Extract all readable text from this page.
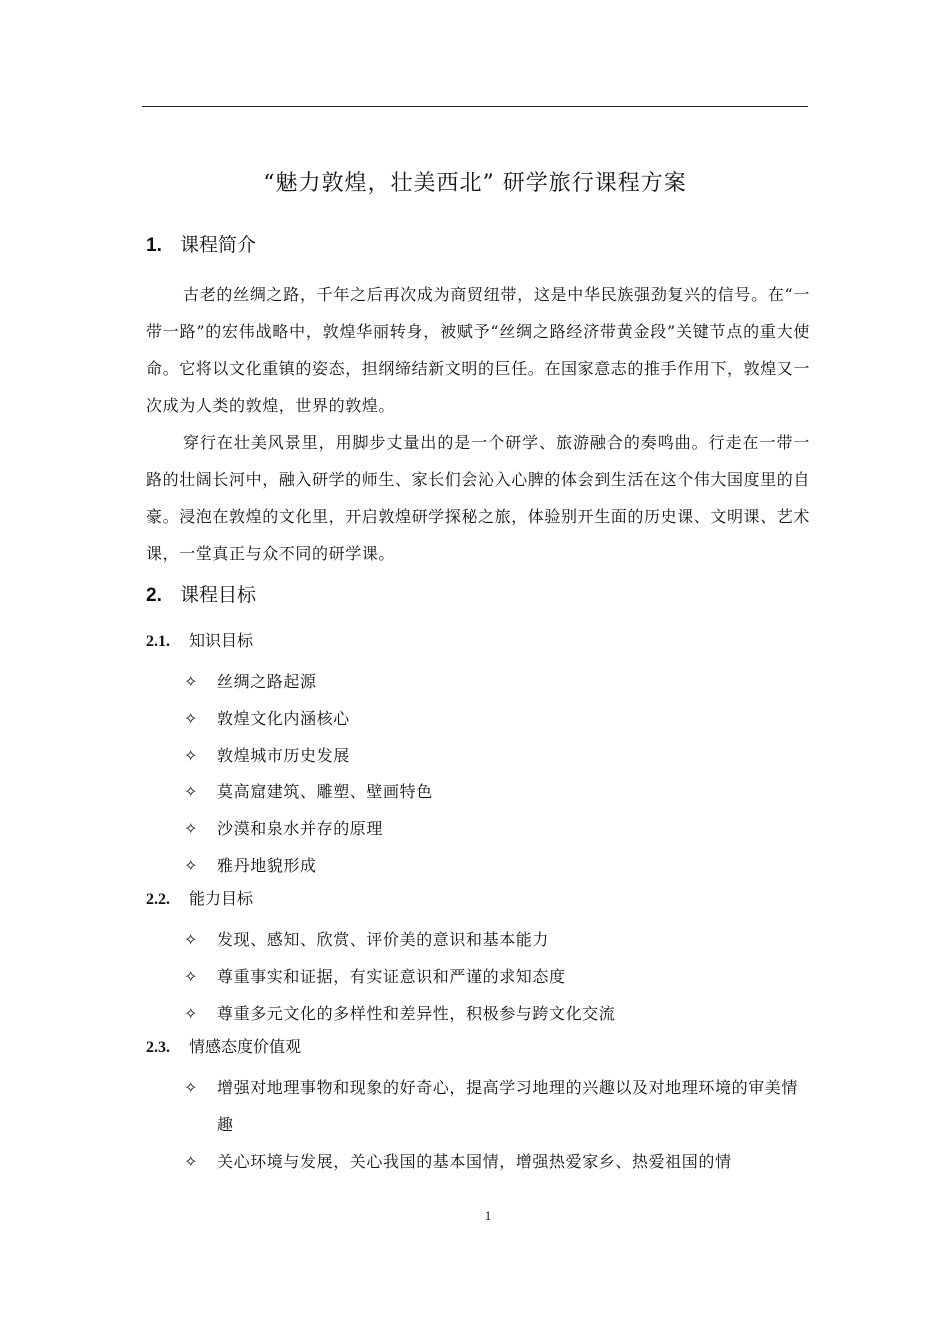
“魅力敦煌，壮美西北” 研学旅行课程方案
1. 课程简介

古老的丝绸之路，千年之后再次成为商贸纽带，这是中华民族强劲复兴的信号。在“一带一路”的宏伟战略中，敦煌华丽转身，被赋予“丝绸之路经济带黄金段”关键节点的重大使命。它将以文化重镇的姿态，担纲缔结新文明的巨任。在国家意志的推手作用下，敦煌又一次成为人类的敦煌，世界的敦煌。

穿行在壮美风景里，用脚步丈量出的是一个研学、旅游融合的奏鸣曲。行走在一带一路的壮阔长河中，融入研学的师生、家长们会沁入心脾的体会到生活在这个伟大国度里的自豪。浸泡在敦煌的文化里，开启敦煌研学探秘之旅，体验别开生面的历史课、文明课、艺术课，一堂真正与众不同的研学课。

2. 课程目标
2.1. 知识目标
✧	丝绸之路起源
✧	敦煌文化内涵核心
✧	敦煌城市历史发展
✧	莫高窟建筑、雕塑、壁画特色
✧	沙漠和泉水并存的原理
✧	雅丹地貌形成
2.2. 能力目标
✧	发现、感知、欣赏、评价美的意识和基本能力
✧	尊重事实和证据，有实证意识和严谨的求知态度
✧	尊重多元文化的多样性和差异性，积极参与跨文化交流
2.3. 情感态度价值观
✧	增强对地理事物和现象的好奇心，提高学习地理的兴趣以及对地理环境的审美情趣
✧	关心环境与发展，关心我国的基本国情，增强热爱家乡、热爱祖国的情
1
